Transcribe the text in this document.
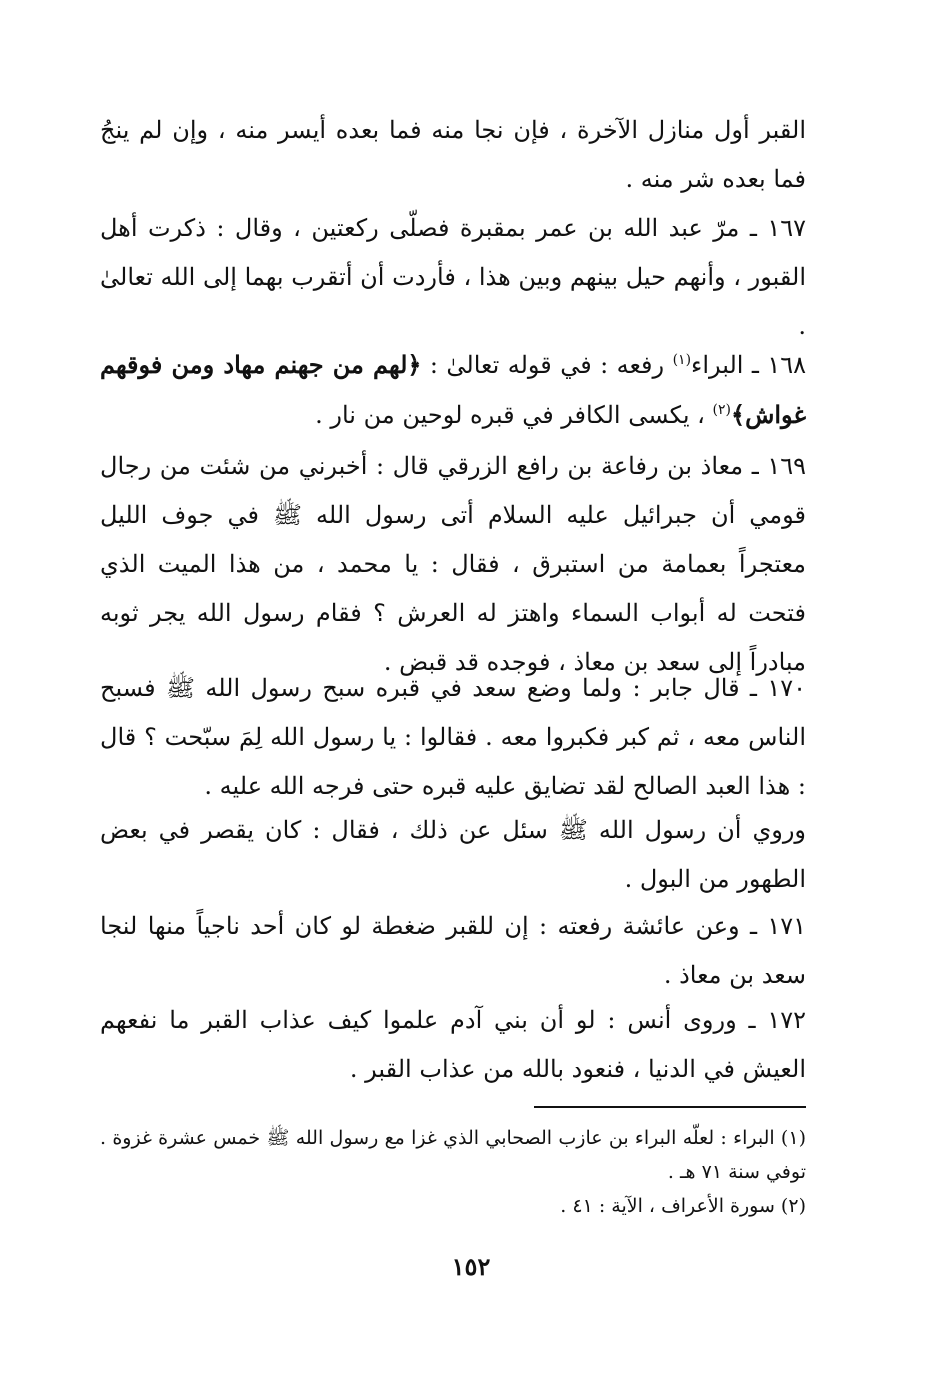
القبر أول منازل الآخرة ، فإن نجا منه فما بعده أيسر منه ، وإن لم ينجُ فما بعده شر منه .

١٦٧ ـ مرّ عبد الله بن عمر بمقبرة فصلّى ركعتين ، وقال : ذكرت أهل القبور ، وأنهم حيل بينهم وبين هذا ، فأردت أن أتقرب بهما إلى الله تعالىٰ .

١٦٨ ـ البراء$^{(١)}$ رفعه : في قوله تعالىٰ : ﴿لهم من جهنم مهاد ومن فوقهم غواش﴾$^{(٢)}$ ، يكسى الكافر في قبره لوحين من نار .

١٦٩ ـ معاذ بن رفاعة بن رافع الزرقي قال : أخبرني من شئت من رجال قومي أن جبرائيل عليه السلام أتى رسول الله ﷺ في جوف الليل معتجراً بعمامة من استبرق ، فقال : يا محمد ، من هذا الميت الذي فتحت له أبواب السماء واهتز له العرش ؟ فقام رسول الله يجر ثوبه مبادراً إلى سعد بن معاذ ، فوجده قد قبض .

١٧٠ ـ قال جابر : ولما وضع سعد في قبره سبح رسول الله ﷺ فسبح الناس معه ، ثم كبر فكبروا معه . فقالوا : يا رسول الله لِمَ سبّحت ؟ قال : هذا العبد الصالح لقد تضايق عليه قبره حتى فرجه الله عليه .

وروي أن رسول الله ﷺ سئل عن ذلك ، فقال : كان يقصر في بعض الطهور من البول .

١٧١ ـ وعن عائشة رفعته : إن للقبر ضغطة لو كان أحد ناجياً منها لنجا سعد بن معاذ .

١٧٢ ـ وروى أنس : لو أن بني آدم علموا كيف عذاب القبر ما نفعهم العيش في الدنيا ، فنعود بالله من عذاب القبر .

(١) البراء : لعلّه البراء بن عازب الصحابي الذي غزا مع رسول الله ﷺ خمس عشرة غزوة . توفي سنة ٧١ هـ .

(٢) سورة الأعراف ، الآية : ٤١ .

١٥٢
